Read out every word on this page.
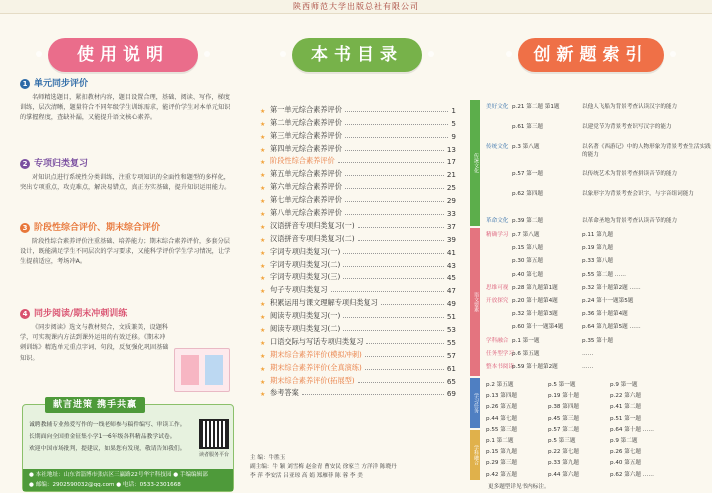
陕西师范大学出版总社有限公司
使用说明
1 单元同步评价

名师精选题目，紧扣教材内容，题目设置合理，基础、阅读、写作，梯度训练，层次清晰，题量符合不同年级学生训练需求，能评价学生对本单元知识的掌握程度，查缺补漏，又能提升语文核心素养。

2 专项归类复习

对知识点进行系统性分类训练，注重专项知识的全面性和题型的多样化，突出专项重点，攻克难点，解决易错点，真正夯实基础，提升知识运用能力。

3 阶段性综合评价、期末综合评价

阶段性综合素养评价注重基础、培养能力；期末综合素养评价，多套分层设计，既能满足学生不同层次的学习要求，又能科学评价学生学习情况，让学生提前适应，考场冲A。

4 同步阅读/期末冲刺训练

《同步阅读》选文与教材契合，文质兼美，设题科学，可实现课内方法到课外运用的有效迁移。《期末冲刺训练》精选单元重点字词、句段，反复强化巩固基础知识。

献言进策 携手共赢
诚聘教辅专业热爱写作的一线老师参与稿件编写、审读工作。
长期面向全国重金征集小学1一6年级各科精品教学试卷。
欢迎中国市场批判，提建议，如果您有发现，敬请告知我们。
读者服务平台
● 本社地址：山东省淄博市张店区三赢路22号华宇科技园 ● 手编编辑部
● 邮编：2902590032@qq.com ● 电话：0533-2301668
本书目录
★ 第一单元综合素养评价	1
★ 第二单元综合素养评价	5
★ 第三单元综合素养评价	9
★ 第四单元综合素养评价	13
★ 阶段性综合素养评价	17
★ 第五单元综合素养评价	21
★ 第六单元综合素养评价	25
★ 第七单元综合素养评价	29
★ 第八单元综合素养评价	33
★ 汉语拼音专项归类复习(一)	37
★ 汉语拼音专项归类复习(二)	39
★ 字词专项归类复习(一)	41
★ 字词专项归类复习(二)	43
★ 字词专项归类复习(三)	45
★ 句子专项归类复习	47
★ 积累运用与课文理解专项归类复习	49
★ 阅读专项归类复习(一)	51
★ 阅读专项归类复习(二)	53
★ 口语交际与写话专项归类复习	55
★ 期末综合素养评价(模拟冲刺)	57
★ 期末综合素养评价(全真演练)	61
★ 期末综合素养评价(拓展型)	65
★ 参考答案	69
主 编：牛胜玉
副主编：牛 颖 刘雪梅 赵金青 曹安民 徐家兰 方洋洋 陈晓丹
李 萍 李安活 吕亚琼 高 娟 郑雁菲 陈 蓉 李 美
创新题索引
传统文化
语文要素
学习任务
学科融合
美好文化 p.21 第二题 第1题	以他人飞船为背景考查认读汉字的能力
p.61 第三题	以建党节为背景考查识写汉字的能力
传统文化 p.3 第八题	以名著《西游记》中的人物形象为背景考查生活实践的能力
p.57 第一题	以传统艺术为背景考查拼读音节的能力
p.62 第四题	以象形字为背景考查会识字，与字音组词能力
革命文化 p.39 第二题	以革命圣地为背景考查认读音节的能力
精确学习 p.7 第八题	p.11 第九题
p.15 第八题	p.19 第九题
p.30 第五题	p.33 第八题
p.40 第七题	p.55 第二题 ……
思维可视 p.28 第九题第1题	p.32 第十题第2题 ……
开放探究 p.20 第十题第4题	p.24 第十一题第5题
p.32 第十题第3题	p.36 第十题第4题
p.60 第十一题第4题	p.64 第九题第5题 ……
学科融合 p.1 第一题	p.35 第十题
任务型学习p.6 第五题	……
整本书阅读p.59 第十题第2题	……
p.2 第五题	p.5 第一题	p.9 第一题
p.13 第四题	p.19 第十题	p.22 第六题
p.26 第五题	p.38 第四题	p.41 第二题
p.44 第七题	p.45 第三题	p.51 第一题
p.55 第三题	p.57 第二题	p.64 第十题 ……
p.1 第二题	p.5 第三题	p.9 第二题
p.15 第九题	p.22 第七题	p.26 第七题
p.29 第三题	p.33 第九题	p.40 第五题
p.42 第五题	p.44 第六题	p.62 第六题 ……
更多题型详见书内标注。
